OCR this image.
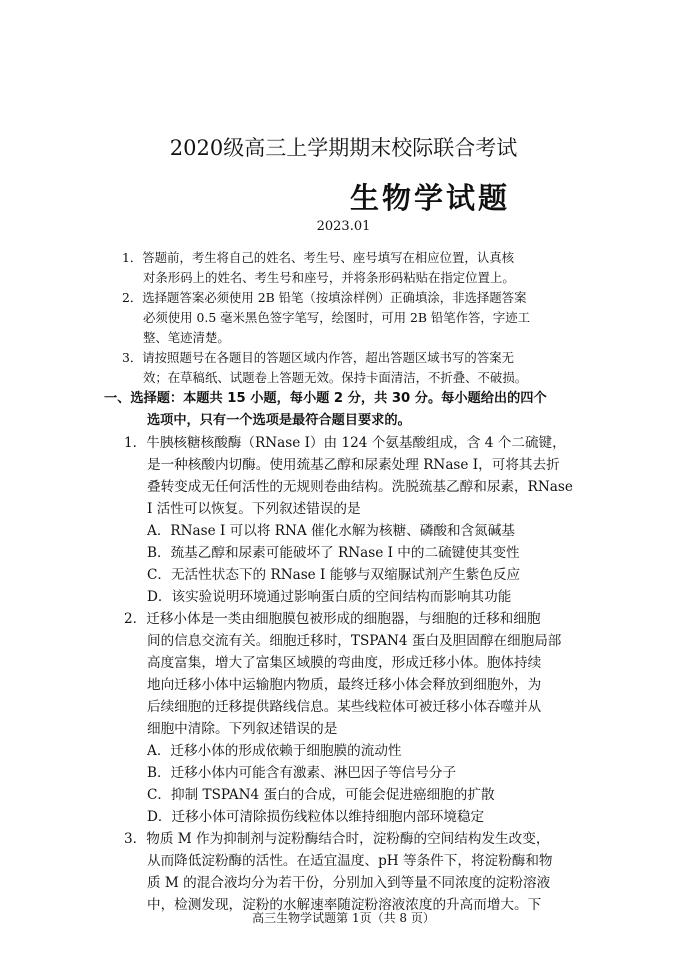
2020级高三上学期期末校际联合考试
生物学试题
2023.01
1．答题前，考生将自己的姓名、考生号、座号填写在相应位置，认真核
对条形码上的姓名、考生号和座号，并将条形码粘贴在指定位置上。
2．选择题答案必须使用 2B 铅笔（按填涂样例）正确填涂，非选择题答案
必须使用 0.5 毫米黑色签字笔写，绘图时，可用 2B 铅笔作答，字迹工
整、笔迹清楚。
3．请按照题号在各题目的答题区域内作答，超出答题区域书写的答案无
效；在草稿纸、试题卷上答题无效。保持卡面清洁，不折叠、不破损。
一、选择题：本题共 15 小题，每小题 2 分，共 30 分。每小题给出的四个
选项中，只有一个选项是最符合题目要求的。
1．牛胰核糖核酸酶（RNase I）由 124 个氨基酸组成，含 4 个二硫键，
是一种核酸内切酶。使用巯基乙醇和尿素处理 RNase I，可将其去折
叠转变成无任何活性的无规则卷曲结构。洗脱巯基乙醇和尿素，RNase
I 活性可以恢复。下列叙述错误的是
A．RNase I 可以将 RNA 催化水解为核糖、磷酸和含氮碱基
B．巯基乙醇和尿素可能破坏了 RNase I 中的二硫键使其变性
C．无活性状态下的 RNase I 能够与双缩脲试剂产生紫色反应
D．该实验说明环境通过影响蛋白质的空间结构而影响其功能
2．迁移小体是一类由细胞膜包被形成的细胞器，与细胞的迁移和细胞
间的信息交流有关。细胞迁移时，TSPAN4 蛋白及胆固醇在细胞局部
高度富集，增大了富集区域膜的弯曲度，形成迁移小体。胞体持续
地向迁移小体中运输胞内物质，最终迁移小体会释放到细胞外，为
后续细胞的迁移提供路线信息。某些线粒体可被迁移小体吞噬并从
细胞中清除。下列叙述错误的是
A．迁移小体的形成依赖于细胞膜的流动性
B．迁移小体内可能含有激素、淋巴因子等信号分子
C．抑制 TSPAN4 蛋白的合成，可能会促进癌细胞的扩散
D．迁移小体可清除损伤线粒体以维持细胞内部环境稳定
3．物质 M 作为抑制剂与淀粉酶结合时，淀粉酶的空间结构发生改变，
从而降低淀粉酶的活性。在适宜温度、pH 等条件下，将淀粉酶和物
质 M 的混合液均分为若干份，分别加入到等量不同浓度的淀粉溶液
中，检测发现，淀粉的水解速率随淀粉溶液浓度的升高而增大。下
高三生物学试题第 1页（共 8 页）
